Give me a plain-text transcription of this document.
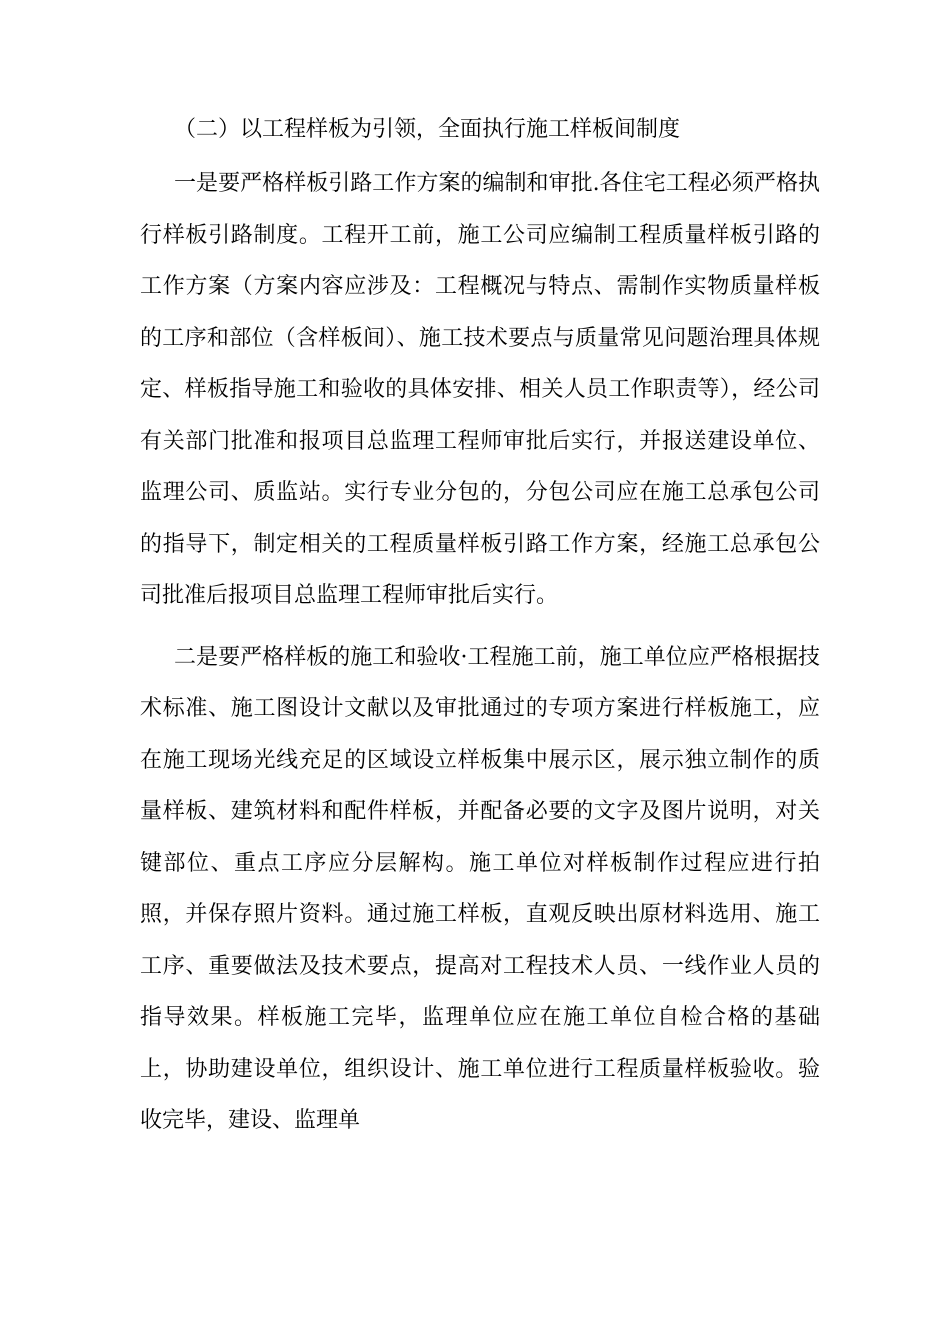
（二）以工程样板为引领，全面执行施工样板间制度

一是要严格样板引路工作方案的编制和审批.各住宅工程必须严格执行样板引路制度。工程开工前，施工公司应编制工程质量样板引路的工作方案（方案内容应涉及：工程概况与特点、需制作实物质量样板的工序和部位（含样板间）、施工技术要点与质量常见问题治理具体规定、样板指导施工和验收的具体安排、相关人员工作职责等），经公司有关部门批准和报项目总监理工程师审批后实行，并报送建设单位、监理公司、质监站。实行专业分包的，分包公司应在施工总承包公司的指导下，制定相关的工程质量样板引路工作方案，经施工总承包公司批准后报项目总监理工程师审批后实行。

二是要严格样板的施工和验收·工程施工前，施工单位应严格根据技术标准、施工图设计文献以及审批通过的专项方案进行样板施工，应在施工现场光线充足的区域设立样板集中展示区，展示独立制作的质量样板、建筑材料和配件样板，并配备必要的文字及图片说明，对关键部位、重点工序应分层解构。施工单位对样板制作过程应进行拍照，并保存照片资料。通过施工样板，直观反映出原材料选用、施工工序、重要做法及技术要点，提高对工程技术人员、一线作业人员的指导效果。样板施工完毕，监理单位应在施工单位自检合格的基础上，协助建设单位，组织设计、施工单位进行工程质量样板验收。验收完毕，建设、监理单
